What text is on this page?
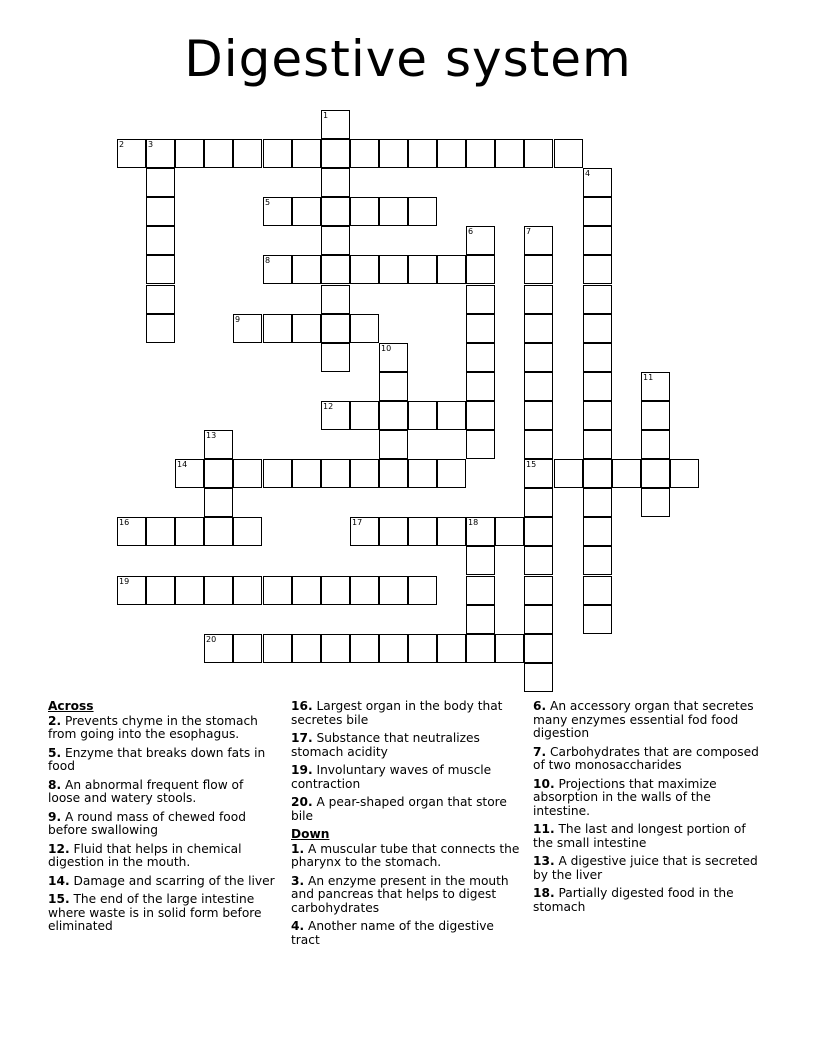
Digestive system
1
2	3
4
5
6	7
15
8
9
10
11
12
13
14
16	17	18
19
20
Across
2. Prevents chyme in the stomach from going into the esophagus.
5. Enzyme that breaks down fats in food
8. An abnormal frequent flow of loose and watery stools.
9. A round mass of chewed food before swallowing
12. Fluid that helps in chemical digestion in the mouth.
14. Damage and scarring of the liver
15. The end of the large intestine where waste is in solid form before eliminated
16. Largest organ in the body that secretes bile
17. Substance that neutralizes stomach acidity
19. Involuntary waves of muscle contraction
20. A pear-shaped organ that store bile
Down
1. A muscular tube that connects the pharynx to the stomach.
3. An enzyme present in the mouth and pancreas that helps to digest carbohydrates
4. Another name of the digestive tract
6. An accessory organ that secretes many enzymes essential fod food digestion
7. Carbohydrates that are composed of two monosaccharides
10. Projections that maximize absorption in the walls of the intestine.
11. The last and longest portion of the small intestine
13. A digestive juice that is secreted by the liver
18. Partially digested food in the stomach
